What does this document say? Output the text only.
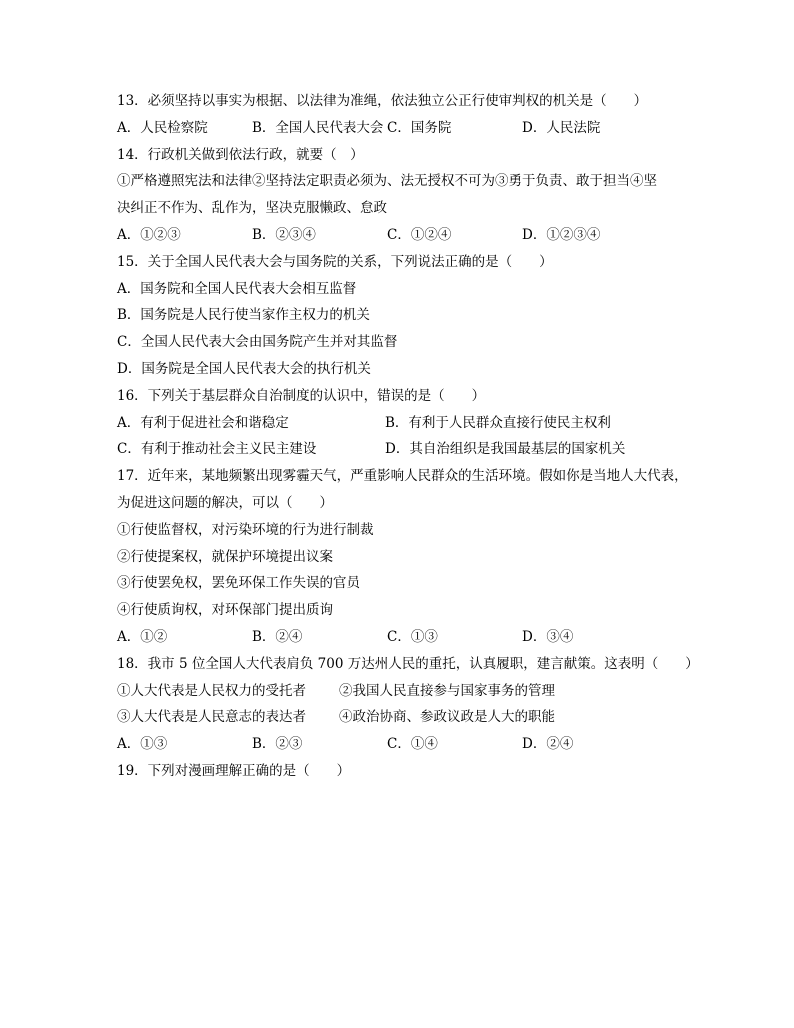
13．必须坚持以事实为根据、以法律为准绳，依法独立公正行使审判权的机关是（　　）
A．人民检察院	B．全国人民代表大会 C．国务院	D．人民法院
14．行政机关做到依法行政，就要（　）
①严格遵照宪法和法律②坚持法定职责必须为、法无授权不可为③勇于负责、敢于担当④坚
决纠正不作为、乱作为，坚决克服懒政、怠政
A．①②③	B．②③④	C．①②④	D．①②③④
15．关于全国人民代表大会与国务院的关系，下列说法正确的是（　　）
A．国务院和全国人民代表大会相互监督
B．国务院是人民行使当家作主权力的机关
C．全国人民代表大会由国务院产生并对其监督
D．国务院是全国人民代表大会的执行机关
16．下列关于基层群众自治制度的认识中，错误的是（　　）
A．有利于促进社会和谐稳定	B．有利于人民群众直接行使民主权利
C．有利于推动社会主义民主建设	D．其自治组织是我国最基层的国家机关
17．近年来，某地频繁出现雾霾天气，严重影响人民群众的生活环境。假如你是当地人大代表，
为促进这问题的解决，可以（　　）
①行使监督权，对污染环境的行为进行制裁
②行使提案权，就保护环境提出议案
③行使罢免权，罢免环保工作失误的官员
④行使质询权，对环保部门提出质询
A．①②	B．②④	C．①③	D．③④
18．我市 5 位全国人大代表肩负 700 万达州人民的重托，认真履职，建言献策。这表明（　　）
①人大代表是人民权力的受托者	②我国人民直接参与国家事务的管理
③人大代表是人民意志的表达者	④政治协商、参政议政是人大的职能
A．①③	B．②③	C．①④	D．②④
19．下列对漫画理解正确的是（　　）
